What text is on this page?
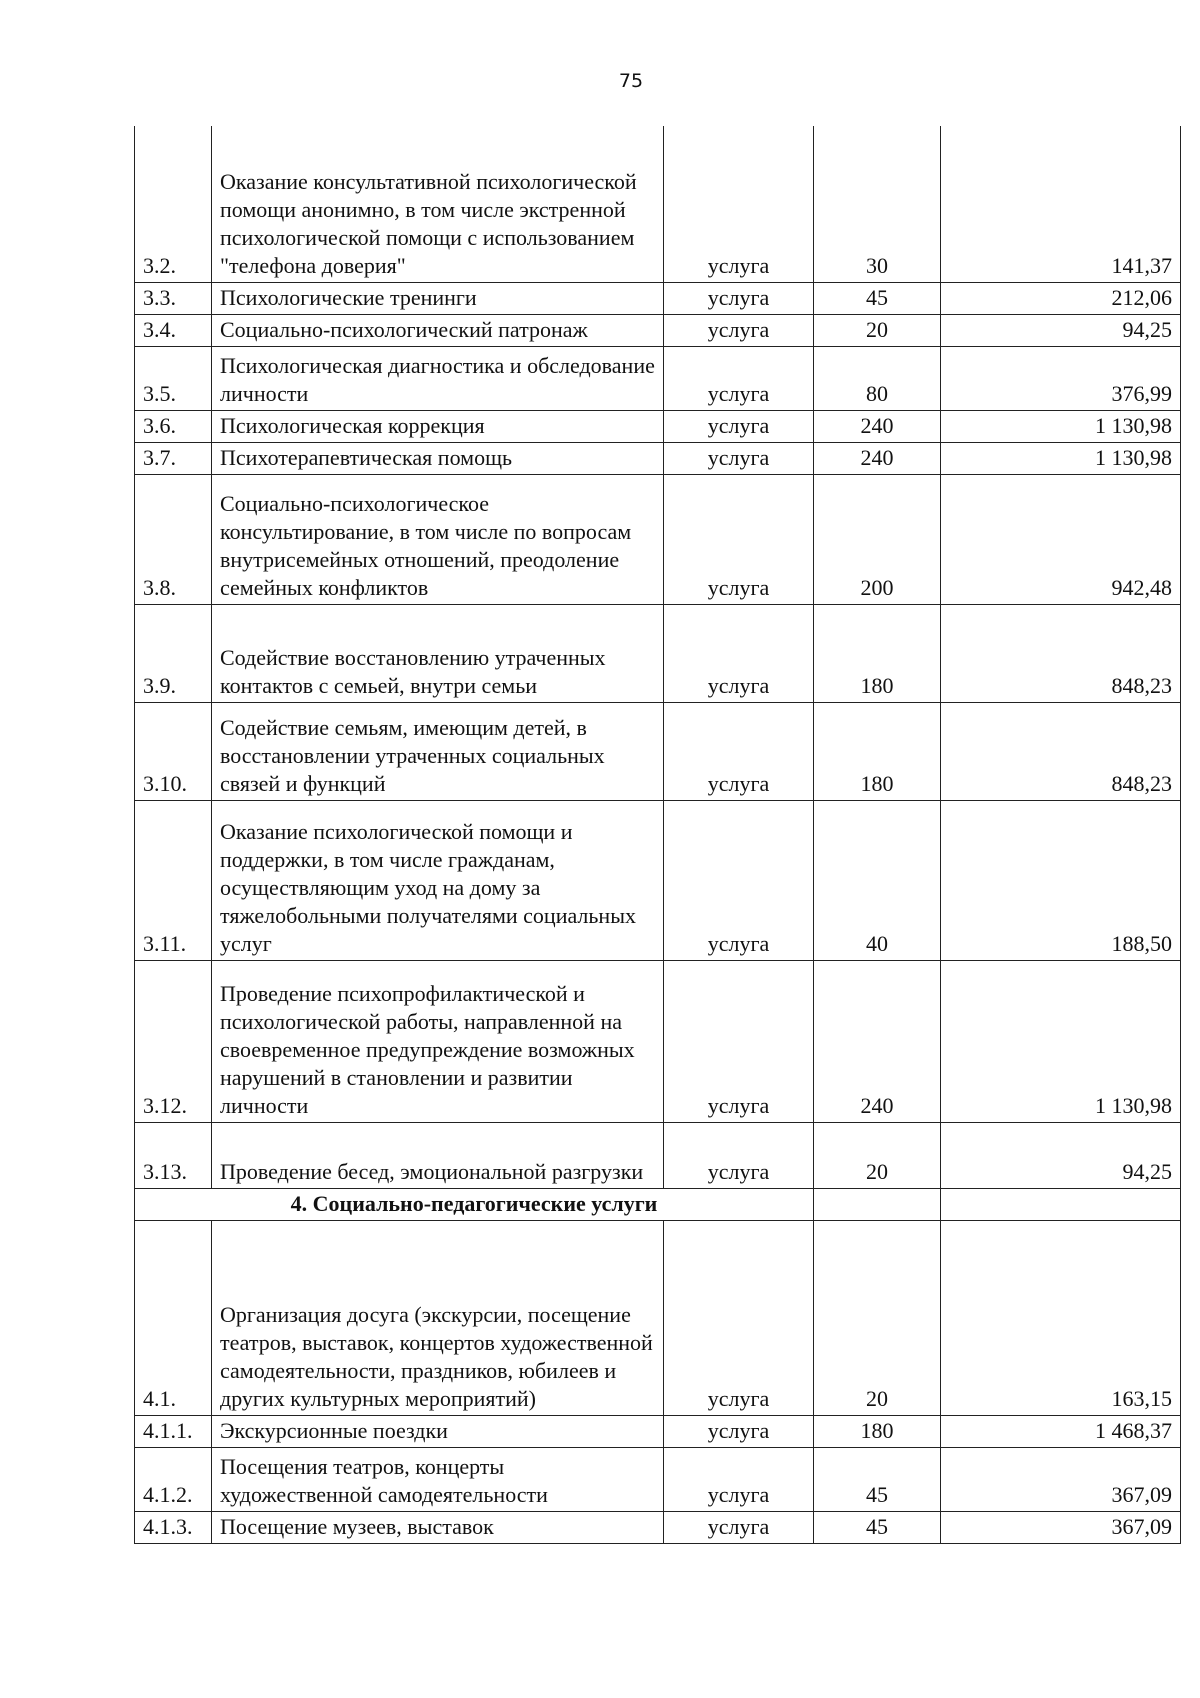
75
3.2.	Оказание консультативной психологической помощи анонимно, в том числе экстренной психологической помощи с использованием "телефона доверия"	услуга	30	141,37
3.3.	Психологические тренинги	услуга	45	212,06
3.4.	Социально-психологический патронаж	услуга	20	94,25
3.5.	Психологическая диагностика и обследование личности	услуга	80	376,99
3.6.	Психологическая коррекция	услуга	240	1 130,98
3.7.	Психотерапевтическая помощь	услуга	240	1 130,98
3.8.	Социально-психологическое консультирование, в том числе по вопросам внутрисемейных отношений, преодоление семейных конфликтов	услуга	200	942,48
3.9.	Содействие восстановлению утраченных контактов с семьей, внутри семьи	услуга	180	848,23
3.10.	Содействие семьям, имеющим детей, в восстановлении утраченных социальных связей и функций	услуга	180	848,23
3.11.	Оказание психологической помощи и поддержки, в том числе гражданам, осуществляющим уход на дому за тяжелобольными получателями социальных услуг	услуга	40	188,50
3.12.	Проведение психопрофилактической и психологической работы, направленной на своевременное предупреждение возможных нарушений в становлении и развитии личности	услуга	240	1 130,98
3.13.	Проведение бесед, эмоциональной разгрузки	услуга	20	94,25
4. Социально-педагогические услуги				
4.1.	Организация досуга (экскурсии, посещение театров, выставок, концертов художественной самодеятельности, праздников, юбилеев и других культурных мероприятий)	услуга	20	163,15
4.1.1.	Экскурсионные поездки	услуга	180	1 468,37
4.1.2.	Посещения театров, концерты художественной самодеятельности	услуга	45	367,09
4.1.3.	Посещение музеев, выставок	услуга	45	367,09
